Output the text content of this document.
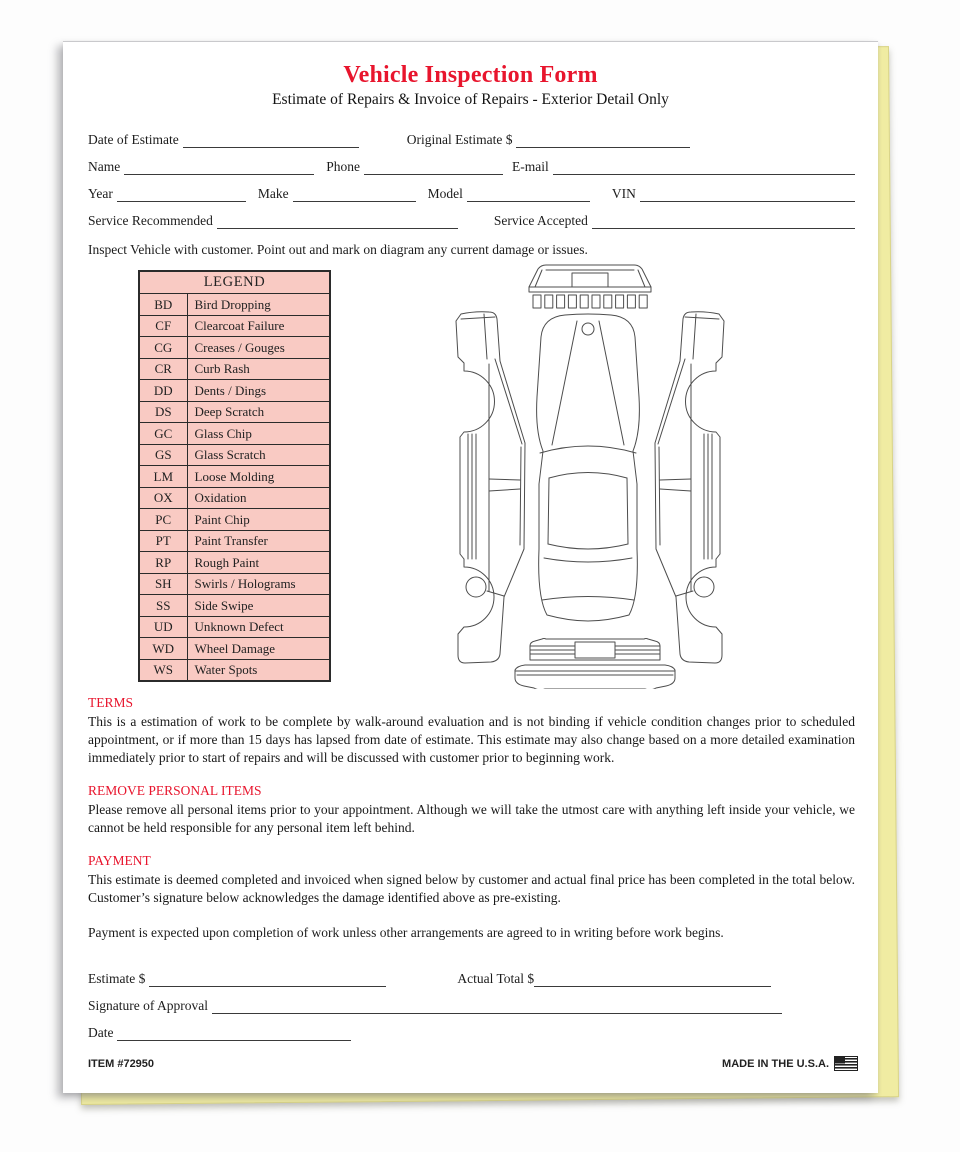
Vehicle Inspection Form
Estimate of Repairs & Invoice of Repairs - Exterior Detail Only
Date of Estimate	Original Estimate $
Name	Phone	E-mail
Year	Make	Model	VIN
Service Recommended	Service Accepted
Inspect Vehicle with customer. Point out and mark on diagram any current damage or issues.
LEGEND	
BD	Bird Dropping
CF	Clearcoat Failure
CG	Creases / Gouges
CR	Curb Rash
DD	Dents / Dings
DS	Deep Scratch
GC	Glass Chip
GS	Glass Scratch
LM	Loose Molding
OX	Oxidation
PC	Paint Chip
PT	Paint Transfer
RP	Rough Paint
SH	Swirls / Holograms
SS	Side Swipe
UD	Unknown Defect
WD	Wheel Damage
WS	Water Spots
TERMS
This is a estimation of work to be complete by walk-around evaluation and is not binding if vehicle condition changes prior to scheduled appointment, or if more than 15 days has lapsed from date of estimate. This estimate may also change based on a more detailed examination immediately prior to start of repairs and will be discussed with customer prior to beginning work.
REMOVE PERSONAL ITEMS
Please remove all personal items prior to your appointment. Although we will take the utmost care with anything left inside your vehicle, we cannot be held responsible for any personal item left behind.
PAYMENT
This estimate is deemed completed and invoiced when signed below by customer and actual final price has been completed in the total below. Customer’s signature below acknowledges the damage identified above as pre-existing.
Payment is expected upon completion of work unless other arrangements are agreed to in writing before work begins.
Estimate $	Actual Total $
Signature of Approval
Date
ITEM #72950	MADE IN THE U.S.A.
